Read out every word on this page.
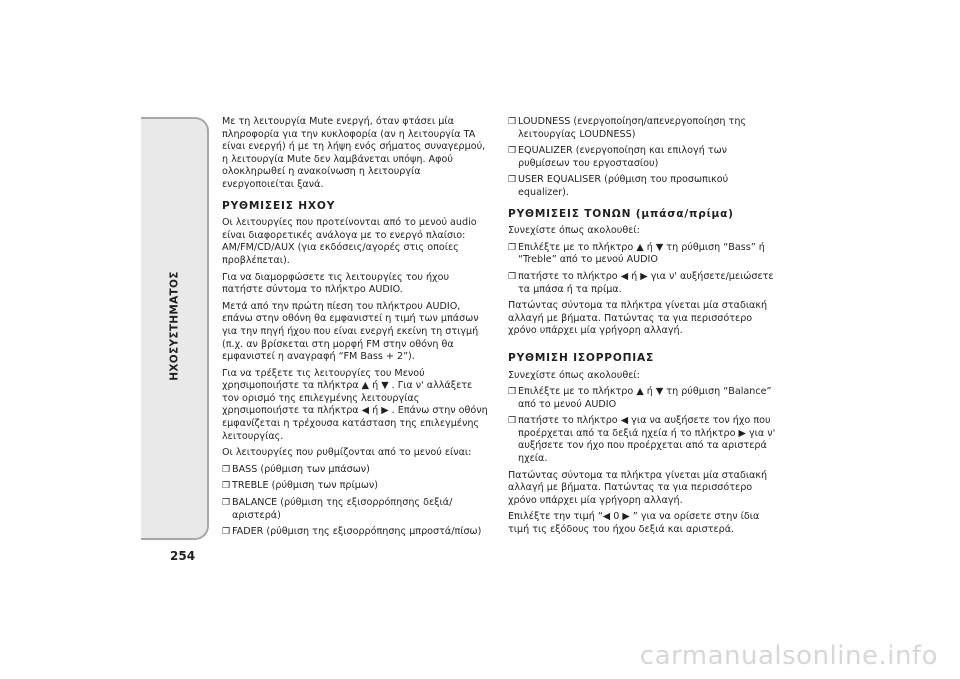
ΗΧΟΣΥΣΤΗΜΑΤΟΣ
254

Με τη λειτουργία Mute ενεργή, όταν φτάσει μία πληροφορία για την κυκλοφορία (αν η λειτουργία TA είναι ενεργή) ή με τη λήψη ενός σήματος συναγερμού, η λειτουργία Mute δεν λαμβάνεται υπόψη. Αφού ολοκληρωθεί η ανακοίνωση η λειτουργία ενεργοποιείται ξανά.

ΡΥΘΜΙΣΕΙΣ ΗΧΟΥ

Οι λειτουργίες που προτείνονται από το μενού audio είναι διαφορετικές ανάλογα με το ενεργό πλαίσιο: AM/FM/CD/AUX (για εκδόσεις/αγορές στις οποίες προβλέπεται).

Για να διαμορφώσετε τις λειτουργίες του ήχου πατήστε σύντομα το πλήκτρο AUDIO.

Μετά από την πρώτη πίεση του πλήκτρου AUDIO, επάνω στην οθόνη θα εμφανιστεί η τιμή των μπάσων για την πηγή ήχου που είναι ενεργή εκείνη τη στιγμή (π.χ. αν βρίσκεται στη μορφή FM στην οθόνη θα εμφανιστεί η αναγραφή “FM Bass + 2”).

Για να τρέξετε τις λειτουργίες του Μενού χρησιμοποιήστε τα πλήκτρα ▲ ή ▼ . Για ν' αλλάξετε τον ορισμό της επιλεγμένης λειτουργίας χρησιμοποιήστε τα πλήκτρα ◀ ή ▶ . Επάνω στην οθόνη εμφανίζεται η τρέχουσα κατάσταση της επιλεγμένης λειτουργίας.

Οι λειτουργίες που ρυθμίζονται από το μενού είναι:

❒ BASS (ρύθμιση των μπάσων)
❒ TREBLE (ρύθμιση των πρίμων)
❒ BALANCE (ρύθμιση της εξισορρόπησης δεξιά/αριστερά)
❒ FADER (ρύθμιση της εξισορρόπησης μπροστά/πίσω)
❒ LOUDNESS (ενεργοποίηση/απενεργοποίηση της λειτουργίας LOUDNESS)
❒ EQUALIZER (ενεργοποίηση και επιλογή των ρυθμίσεων του εργοστασίου)
❒ USER EQUALISER (ρύθμιση του προσωπικού equalizer).
ΡΥΘΜΙΣΕΙΣ ΤΟΝΩΝ (μπάσα/πρίμα)

Συνεχίστε όπως ακολουθεί:

❒ Επιλέξτε με το πλήκτρο ▲ ή ▼ τη ρύθμιση “Bass” ή “Treble” από το μενού AUDIO
❒ πατήστε το πλήκτρο ◀ ή ▶ για ν' αυξήσετε/μειώσετε τα μπάσα ή τα πρίμα.

Πατώντας σύντομα τα πλήκτρα γίνεται μία σταδιακή αλλαγή με βήματα. Πατώντας τα για περισσότερο χρόνο υπάρχει μία γρήγορη αλλαγή.

ΡΥΘΜΙΣΗ ΙΣΟΡΡΟΠΙΑΣ

Συνεχίστε όπως ακολουθεί:

❒ Επιλέξτε με το πλήκτρο ▲ ή ▼ τη ρύθμιση “Balance” από το μενού AUDIO
❒ πατήστε το πλήκτρο ◀ για να αυξήσετε τον ήχο που προέρχεται από τα δεξιά ηχεία ή το πλήκτρο ▶ για ν' αυξήσετε τον ήχο που προέρχεται από τα αριστερά ηχεία.

Πατώντας σύντομα τα πλήκτρα γίνεται μία σταδιακή αλλαγή με βήματα. Πατώντας τα για περισσότερο χρόνο υπάρχει μία γρήγορη αλλαγή.

Επιλέξτε την τιμή “◀ 0 ▶ ” για να ορίσετε στην ίδια τιμή τις εξόδους του ήχου δεξιά και αριστερά.

carmanualsonline.info
